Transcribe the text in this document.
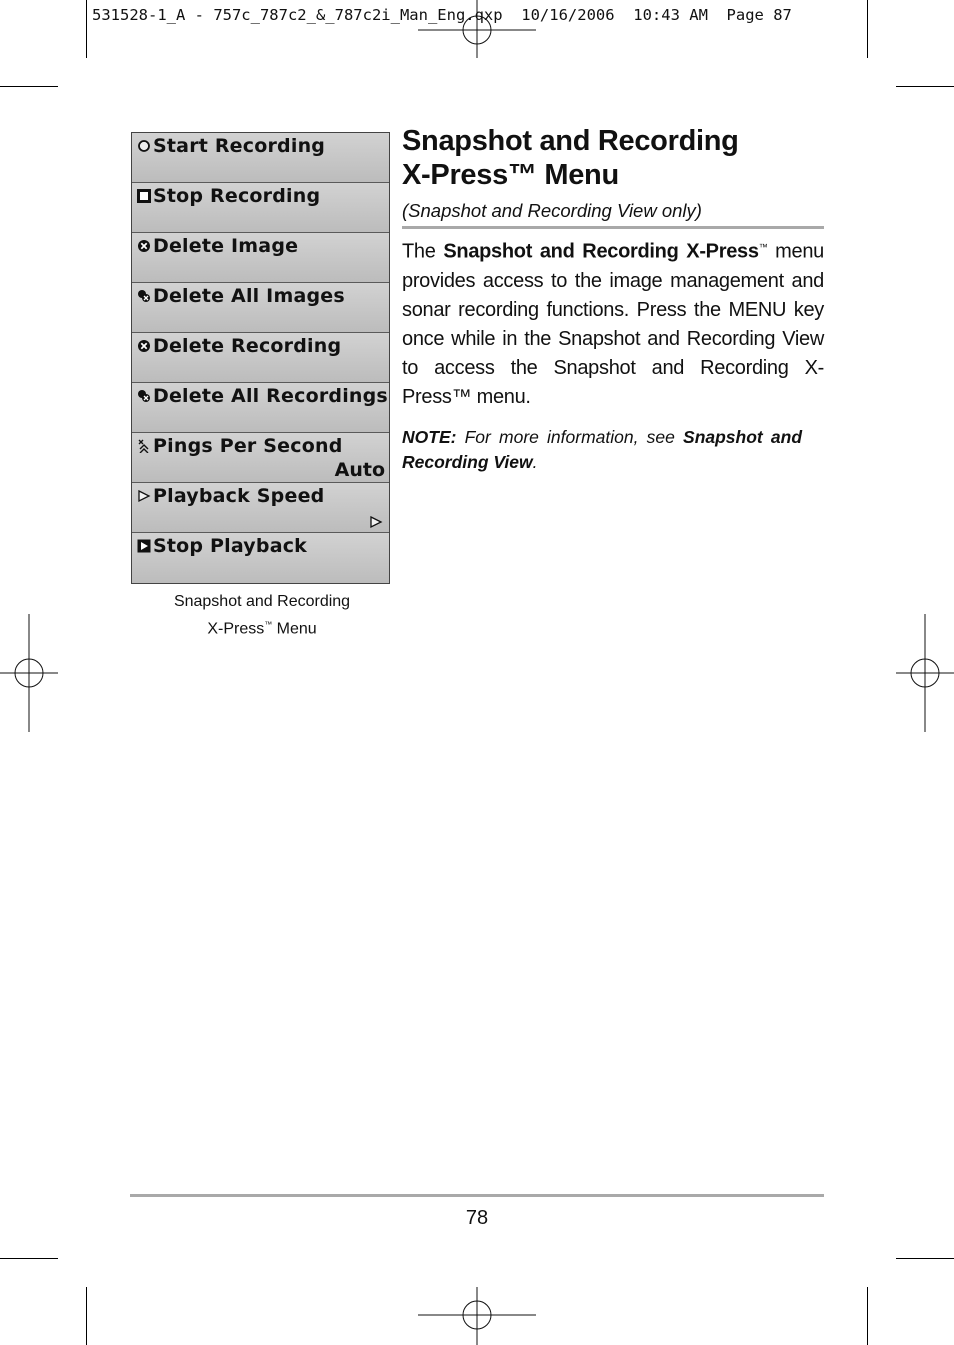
531528-1_A - 757c_787c2_&_787c2i_Man_Eng.qxp  10/16/2006  10:43 AM  Page 87
Start Recording
Stop Recording
Delete Image
Delete All Images
Delete Recording
Delete All Recordings
Pings Per Second
Auto
Playback Speed
Stop Playback
Snapshot and Recording
X-Press™ Menu
Snapshot and Recording
X-Press™ Menu
(Snapshot and Recording View only)
The Snapshot and Recording X-Press™ menu provides access to the image management and sonar recording functions. Press the MENU key once while in the Snapshot and Recording View to access the Snapshot and Recording X-Press™ menu.
NOTE: For more information, see Snapshot and Recording View.
78
